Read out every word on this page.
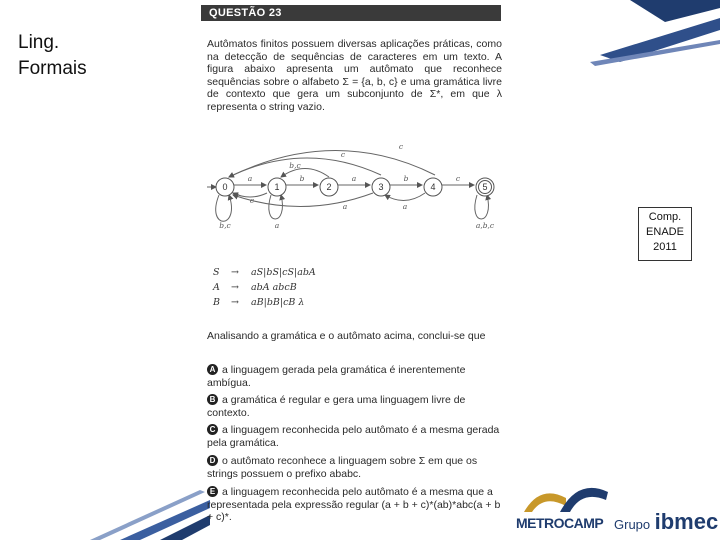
Ling.
Formais
Comp.
ENADE
2011
QUESTÃO 23
Autômatos finitos possuem diversas aplicações práticas, como na detecção de sequências de caracteres em um texto. A figura abaixo apresenta um autômato que reconhece sequências sobre o alfabeto Σ = {a, b, c} e uma gramática livre de contexto que gera um subconjunto de Σ*, em que λ representa o string vazio.
0	1	2	3	4	5
a	b	a	b	c
c
a	a
c
c
b,c
b,c	a	a,b,c
S → aS|bS|cS|abA
A → abA abcB
B → aB|bB|cB λ
Analisando a gramática e o autômato acima, conclui-se que
A a linguagem gerada pela gramática é inerentemente ambígua.
B a gramática é regular e gera uma linguagem livre de contexto.
C a linguagem reconhecida pelo autômato é a mesma gerada pela gramática.
D o autômato reconhece a linguagem sobre Σ em que os strings possuem o prefixo ababc.
E a linguagem reconhecida pelo autômato é a mesma que a representada pela expressão regular (a + b + c)*(ab)*abc(a + b + c)*.	METROCAMP Grupo ibmec
